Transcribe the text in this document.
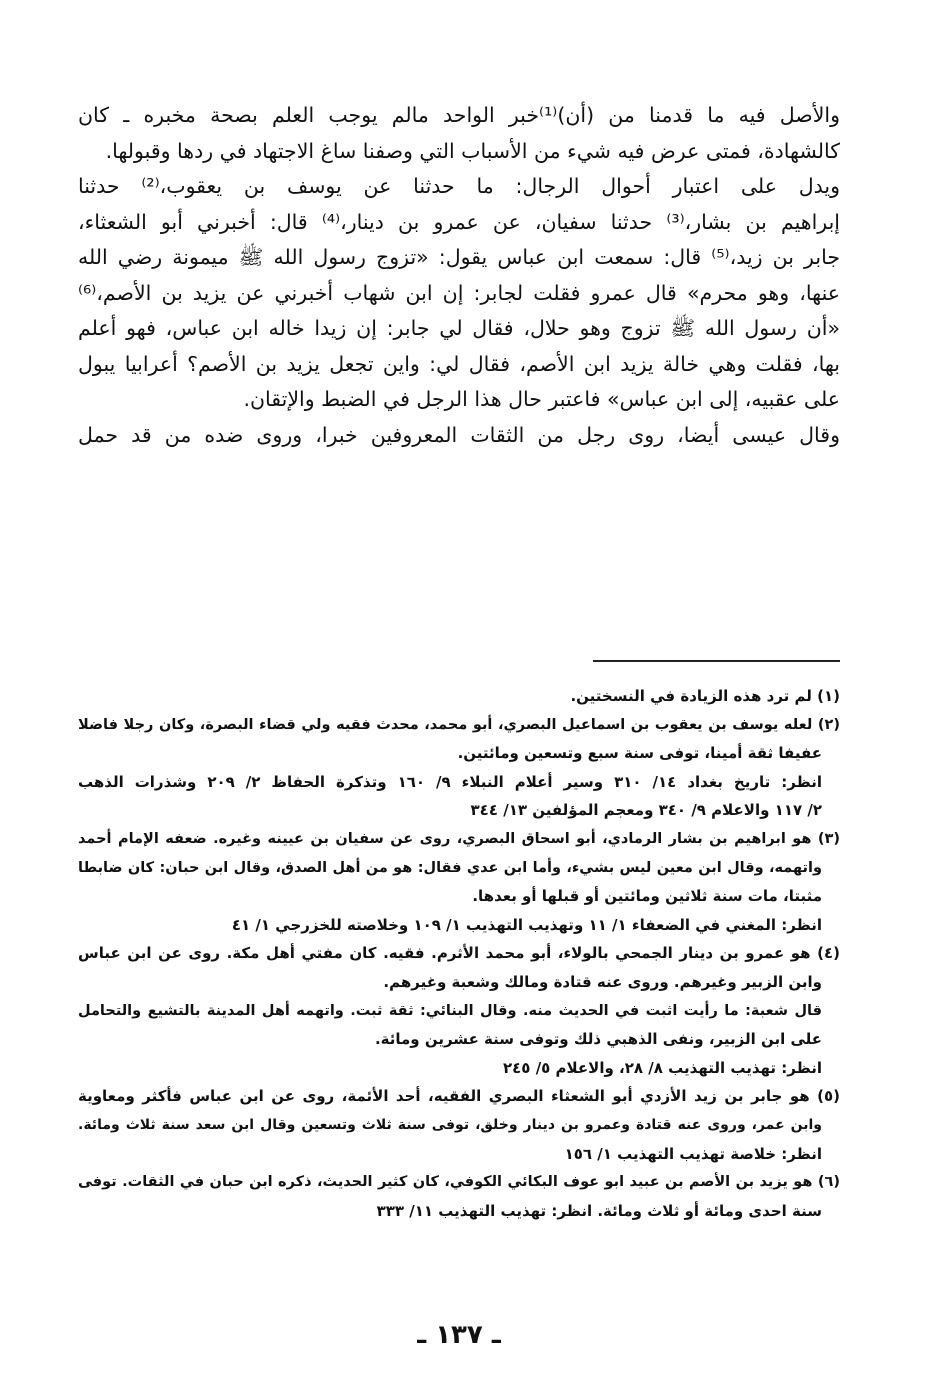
والأصل فيه ما قدمنا من (أن)⁽¹⁾خبر الواحد مالم يوجب العلم بصحة مخبره ـ كان
كالشهادة، فمتى عرض فيه شيء من الأسباب التي وصفنا ساغ الاجتهاد في ردها وقبولها.
ويدل على اعتبار أحوال الرجال: ما حدثنا عن يوسف بن يعقوب،⁽²⁾ حدثنا
إبراهيم بن بشار،⁽³⁾ حدثنا سفيان، عن عمرو بن دينار،⁽⁴⁾ قال: أخبرني أبو الشعثاء،
جابر بن زيد،⁽⁵⁾ قال: سمعت ابن عباس يقول: «تزوج رسول الله ﷺ ميمونة رضي الله
عنها، وهو محرم» قال عمرو فقلت لجابر: إن ابن شهاب أخبرني عن يزيد بن الأصم،⁽⁶⁾
«أن رسول الله ﷺ تزوج وهو حلال، فقال لي جابر: إن زيدا خاله ابن عباس، فهو أعلم
بها، فقلت وهي خالة يزيد ابن الأصم، فقال لي: واين تجعل يزيد بن الأصم؟ أعرابيا يبول
على عقبيه، إلى ابن عباس» فاعتبر حال هذا الرجل في الضبط والإتقان.
وقال عيسى أيضا، روى رجل من الثقات المعروفين خبرا، وروى ضده من قد حمل
(١) لم ترد هذه الزيادة في النسختين.
(٢) لعله يوسف بن يعقوب بن اسماعيل البصري، أبو محمد، محدث فقيه ولي قضاء البصرة، وكان رجلا فاضلا
عفيفا ثقة أمينا، توفى سنة سبع وتسعين ومائتين.
انظر: تاريخ بغداد ١٤/ ٣١٠ وسير أعلام النبلاء ٩/ ١٦٠ وتذكرة الحفاظ ٢/ ٢٠٩ وشذرات الذهب
٢/ ١١٧ والاعلام ٩/ ٣٤٠ ومعجم المؤلفين ١٣/ ٣٤٤
(٣) هو ابراهيم بن بشار الرمادي، أبو اسحاق البصري، روى عن سفيان بن عيينه وغيره. ضعفه الإمام أحمد
واتهمه، وقال ابن معين ليس بشيء، وأما ابن عدي فقال: هو من أهل الصدق، وقال ابن حبان: كان ضابطا
مثبتا، مات سنة ثلاثين ومائتين أو قبلها أو بعدها.
انظر: المغني في الضعفاء ١/ ١١ وتهذيب التهذيب ١/ ١٠٩ وخلاصته للخزرجي ١/ ٤١
(٤) هو عمرو بن دينار الجمحي بالولاء، أبو محمد الأثرم. فقيه. كان مفتي أهل مكة. روى عن ابن عباس
وابن الزبير وغيرهم. وروى عنه قتادة ومالك وشعبة وغيرهم.
قال شعبة: ما رأيت اثبت في الحديث منه. وقال البنائي: ثقة ثبت. واتهمه أهل المدينة بالتشيع والتحامل
على ابن الزبير، ونفى الذهبي ذلك وتوفى سنة عشرين ومائة.
انظر: تهذيب التهذيب ٨/ ٢٨، والاعلام ٥/ ٢٤٥
(٥) هو جابر بن زيد الأزدي أبو الشعثاء البصري الفقيه، أحد الأئمة، روى عن ابن عباس فأكثر ومعاوية
وابن عمر، وروى عنه قتادة وعمرو بن دينار وخلق، توفى سنة ثلاث وتسعين وقال ابن سعد سنة ثلاث ومائة.
انظر: خلاصة تهذيب التهذيب ١/ ١٥٦
(٦) هو يزيد بن الأصم بن عبيد ابو عوف البكائي الكوفي، كان كثير الحديث، ذكره ابن حبان في الثقات. توفى
سنة احدى ومائة أو ثلاث ومائة. انظر: تهذيب التهذيب ١١/ ٣٣٣
ـ ١٣٧ ـ
